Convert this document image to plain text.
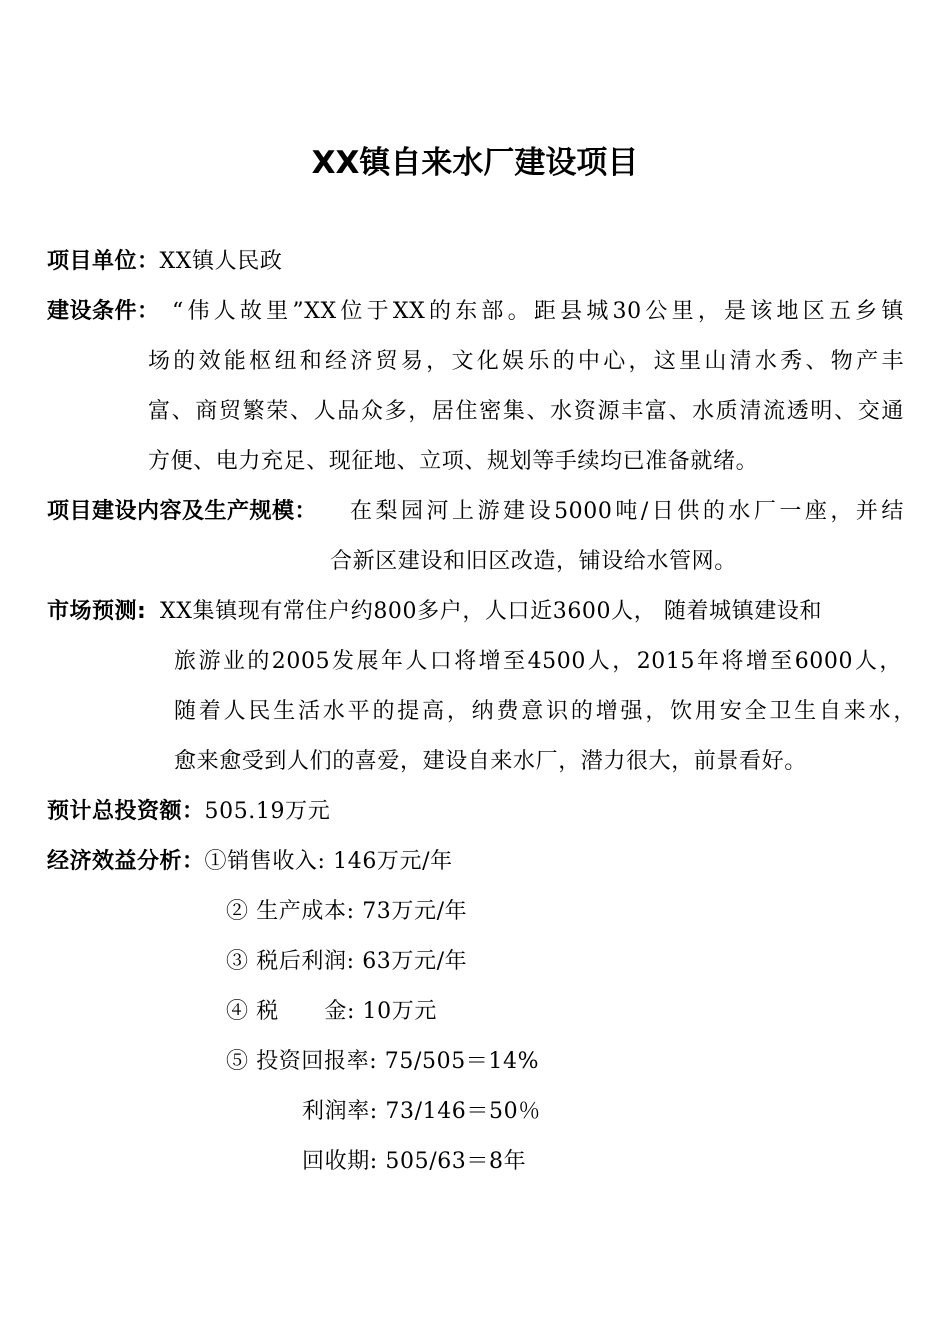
XX镇自来水厂建设项目
项目单位：XX镇人民政
建设条件： “伟人故里”XX位于XX的东部。距县城30公里，是该地区五乡镇
场的效能枢纽和经济贸易，文化娱乐的中心，这里山清水秀、物产丰
富、商贸繁荣、人品众多，居住密集、水资源丰富、水质清流透明、交通
方便、电力充足、现征地、立项、规划等手续均已准备就绪。
项目建设内容及生产规模： 在梨园河上游建设5000吨/日供的水厂一座，并结
合新区建设和旧区改造，铺设给水管网。
市场预测: XX集镇现有常住户约800多户，人口近3600人， 随着城镇建设和
旅游业的2005发展年人口将增至4500人，2015年将增至6000人，
随着人民生活水平的提高，纳费意识的增强，饮用安全卫生自来水，
愈来愈受到人们的喜爱，建设自来水厂，潜力很大，前景看好。
预计总投资额：505.19万元
经济效益分析：①销售收入: 146万元/年
② 生产成本: 73万元/年
③ 税后利润: 63万元/年
④ 税      金: 10万元
⑤ 投资回报率: 75/505＝14%
利润率: 73/146＝50％
回收期: 505/63＝8年
